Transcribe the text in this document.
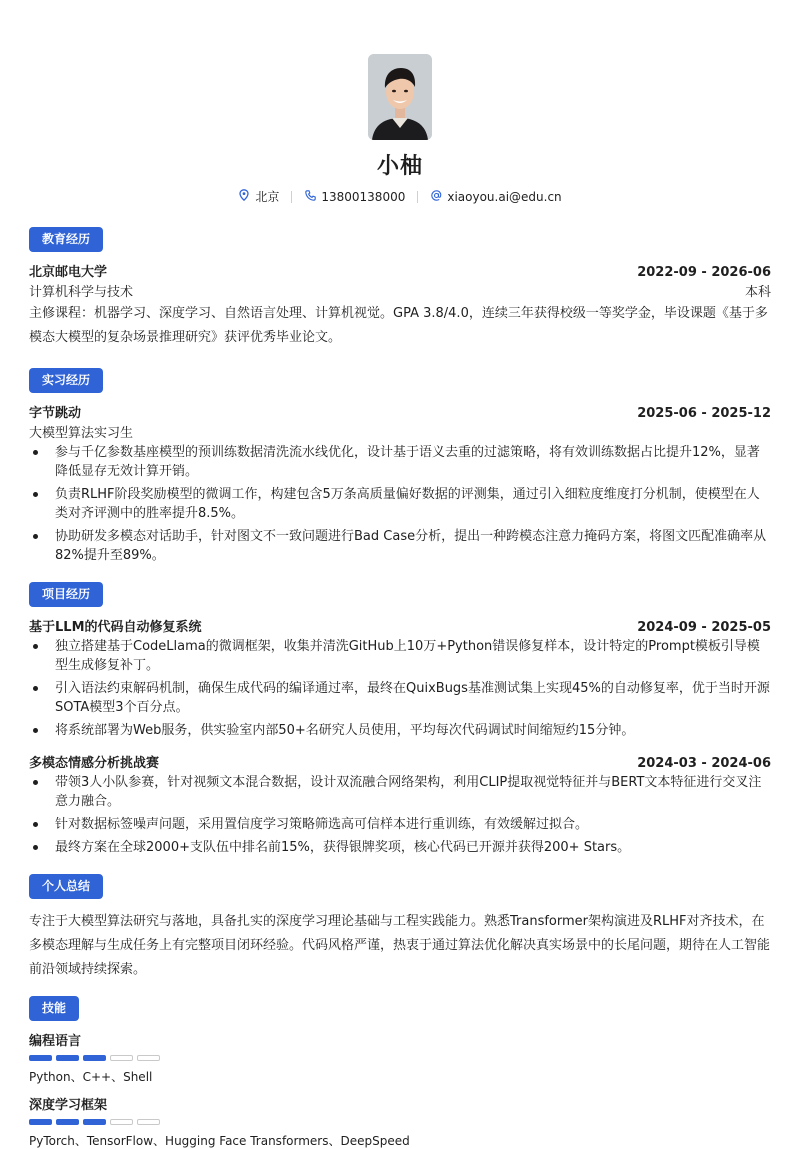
小柚
北京	13800138000	xiaoyou.ai@edu.cn
教育经历
北京邮电大学	2022-09 - 2026-06
计算机科学与技术	本科
主修课程：机器学习、深度学习、自然语言处理、计算机视觉。GPA 3.8/4.0，连续三年获得校级一等奖学金，毕设课题《基于多模态大模型的复杂场景推理研究》获评优秀毕业论文。
实习经历
字节跳动	2025-06 - 2025-12
大模型算法实习生
参与千亿参数基座模型的预训练数据清洗流水线优化，设计基于语义去重的过滤策略，将有效训练数据占比提升12%，显著降低显存无效计算开销。
负责RLHF阶段奖励模型的微调工作，构建包含5万条高质量偏好数据的评测集，通过引入细粒度维度打分机制，使模型在人类对齐评测中的胜率提升8.5%。
协助研发多模态对话助手，针对图文不一致问题进行Bad Case分析，提出一种跨模态注意力掩码方案，将图文匹配准确率从82%提升至89%。
项目经历
基于LLM的代码自动修复系统	2024-09 - 2025-05
独立搭建基于CodeLlama的微调框架，收集并清洗GitHub上10万+Python错误修复样本，设计特定的Prompt模板引导模型生成修复补丁。
引入语法约束解码机制，确保生成代码的编译通过率，最终在QuixBugs基准测试集上实现45%的自动修复率，优于当时开源SOTA模型3个百分点。
将系统部署为Web服务，供实验室内部50+名研究人员使用，平均每次代码调试时间缩短约15分钟。
多模态情感分析挑战赛	2024-03 - 2024-06
带领3人小队参赛，针对视频文本混合数据，设计双流融合网络架构，利用CLIP提取视觉特征并与BERT文本特征进行交叉注意力融合。
针对数据标签噪声问题，采用置信度学习策略筛选高可信样本进行重训练，有效缓解过拟合。
最终方案在全球2000+支队伍中排名前15%，获得银牌奖项，核心代码已开源并获得200+ Stars。
个人总结
专注于大模型算法研究与落地，具备扎实的深度学习理论基础与工程实践能力。熟悉Transformer架构演进及RLHF对齐技术，在多模态理解与生成任务上有完整项目闭环经验。代码风格严谨，热衷于通过算法优化解决真实场景中的长尾问题，期待在人工智能前沿领域持续探索。
技能
编程语言
Python、C++、Shell
深度学习框架
PyTorch、TensorFlow、Hugging Face Transformers、DeepSpeed
